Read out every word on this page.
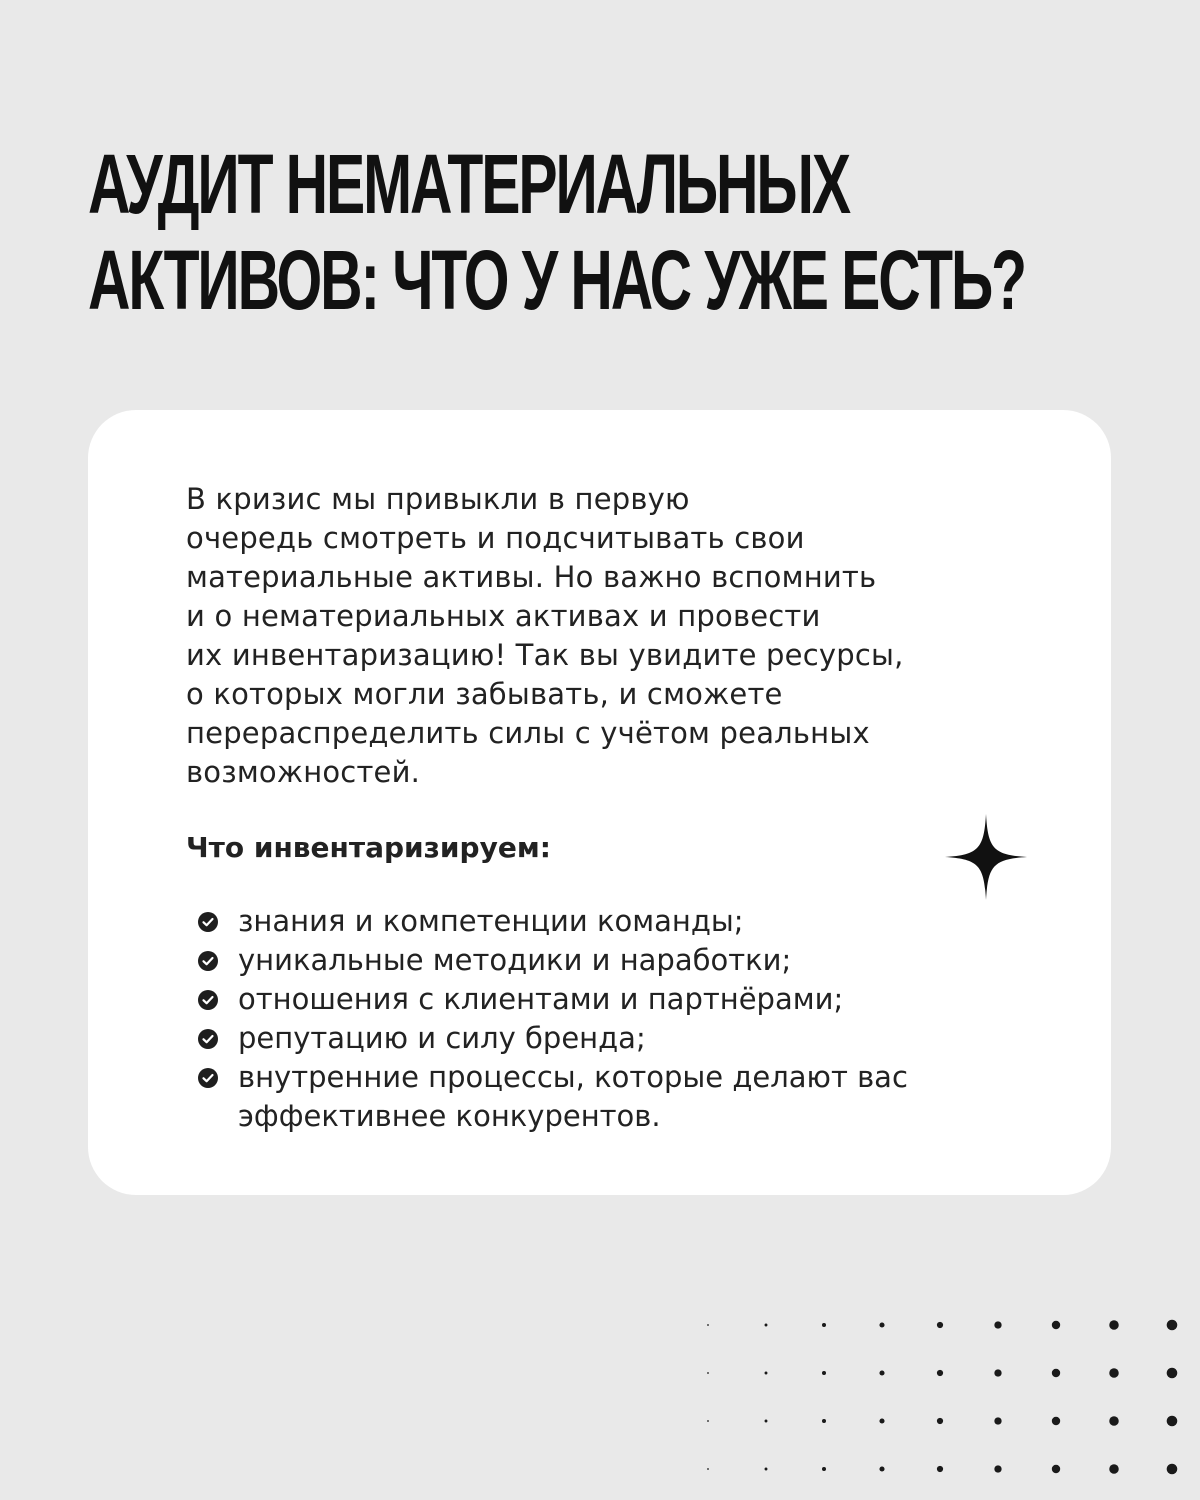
АУДИТ НЕМАТЕРИАЛЬНЫХ
АКТИВОВ: ЧТО У НАС УЖЕ ЕСТЬ?

В кризис мы привыкли в первую
очередь смотреть и подсчитывать свои
материальные активы. Но важно вспомнить
и о нематериальных активах и провести
их инвентаризацию! Так вы увидите ресурсы,
о которых могли забывать, и сможете
перераспределить силы с учётом реальных
возможностей.

Что инвентаризируем:
знания и компетенции команды;
уникальные методики и наработки;
отношения с клиентами и партнёрами;
репутацию и силу бренда;
внутренние процессы, которые делают вас эффективнее конкурентов.
